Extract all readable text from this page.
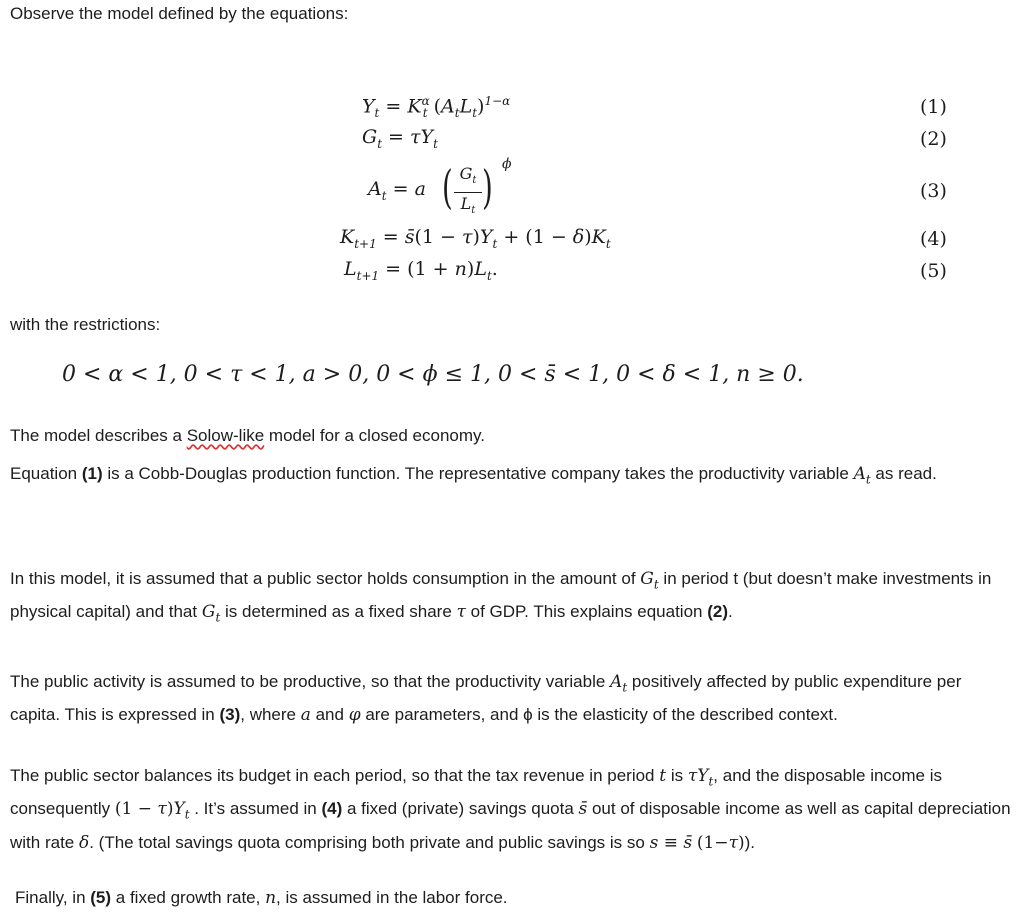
Observe the model defined by the equations:
$Y_t = K^\alpha_t$ $(A_tL_t)^{1-\alpha}$	(1)
$G_t = \tau Y_t$	(2)
$A_t = a$ ( $G_t$
$L_t$ ) ϕ
(3)
$K_{t+1}$ = s̄(1 − $\tau)Y_t + (1 - \delta)K_t$	(4)
$L_{t+1} = (1 + n)L_t$.	(5)
with the restrictions:
0 < α < 1, 0 < τ < 1, a > 0, 0 < ϕ ≤ 1, 0 < s̄ < 1, 0 < δ < 1, n ≥ 0.
The model describes a Solow-like model for a closed economy.
Equation (1) is a Cobb-Douglas production function. The representative company takes the productivity variable $A_t$ as read.
In this model, it is assumed that a public sector holds consumption in the amount of $G_t$ in period t (but doesn’t make investments in physical capital) and that $G_t$ is determined as a fixed share τ of GDP. This explains equation (2).
The public activity is assumed to be productive, so that the productivity variable $A_t$ positively affected by public expenditure per capita. This is expressed in (3), where a and φ are parameters, and ϕ is the elasticity of the described context.
The public sector balances its budget in each period, so that the tax revenue in period t is $\tau Y_t$, and the disposable income is consequently $(1 - \tau)Y_t$ . It’s assumed in (4) a fixed (private) savings quota s̄ out of disposable income as well as capital depreciation with rate δ. (The total savings quota comprising both private and public savings is so s ≡ s̄ (1−τ)).
Finally, in (5) a fixed growth rate, n, is assumed in the labor force.
